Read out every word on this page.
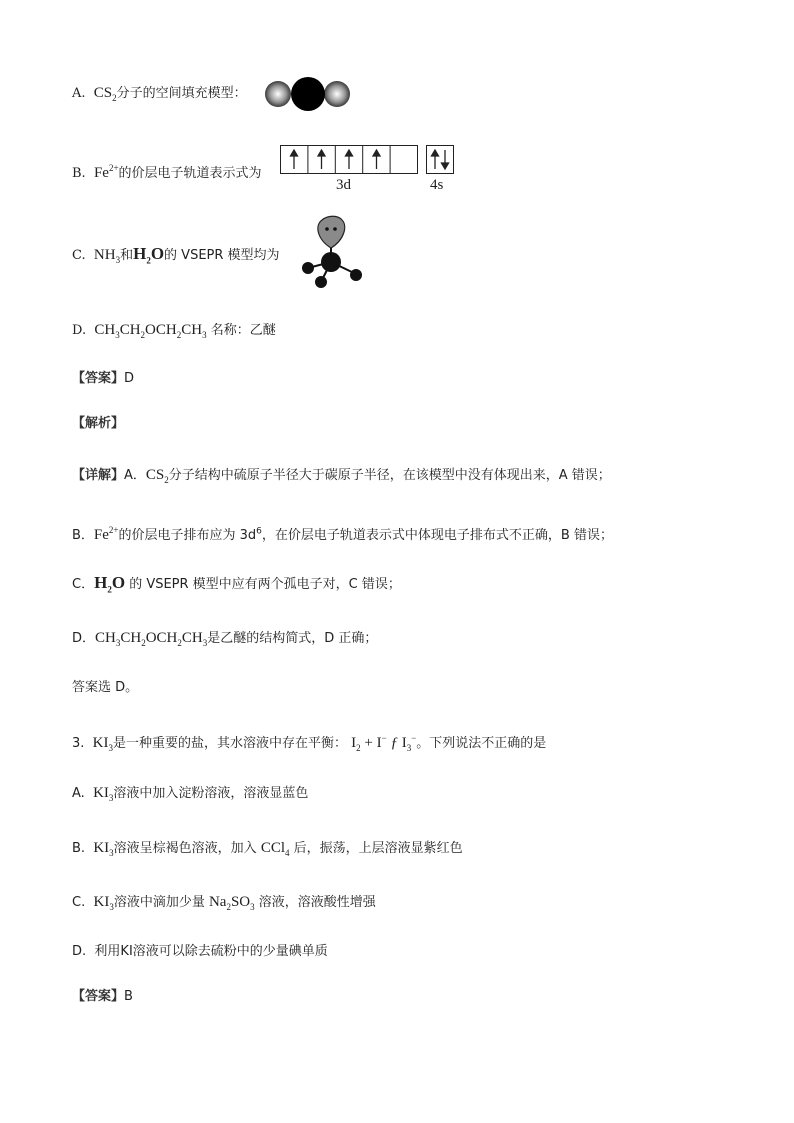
A. $CS_2$分子的空间填充模型：
B. $Fe^{2+}$的价层电子轨道表示式为
3d	4s
C. $NH_3$和$H_2O$的 VSEPR 模型均为
D. $CH_3CH_2OCH_2CH_3$ 名称：乙醚
【答案】D
【解析】
【详解】A．$CS_2$分子结构中硫原子半径大于碳原子半径，在该模型中没有体现出来，A 错误；
B．$Fe^{2+}$的价层电子排布应为 $3d^6$，在价层电子轨道表示式中体现电子排布式不正确，B 错误；
C．$H_2O$ 的 VSEPR 模型中应有两个孤电子对，C 错误；
D．$CH_3CH_2OCH_2CH_3$是乙醚的结构简式，D 正确；
答案选 D。
3. $KI_3$是一种重要的盐，其水溶液中存在平衡： $I_2 + I^-$ ƒ $I_3^-$。下列说法不正确的是
A. $KI_3$溶液中加入淀粉溶液，溶液显蓝色
B. $KI_3$溶液呈棕褐色溶液，加入 CCl$_4$ 后，振荡，上层溶液显紫红色
C. $KI_3$溶液中滴加少量 $Na_2SO_3$ 溶液，溶液酸性增强
D. 利用KI溶液可以除去硫粉中的少量碘单质
【答案】B
